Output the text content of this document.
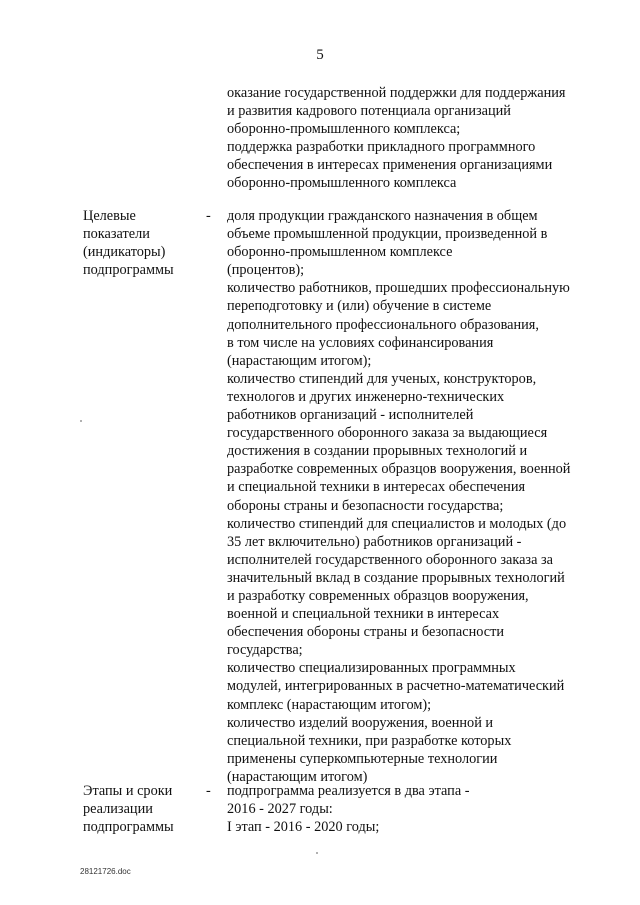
5
оказание государственной поддержки для поддержания
и развития кадрового потенциала организаций
оборонно-промышленного комплекса;
поддержка разработки прикладного программного
обеспечения в интересах применения организациями
оборонно-промышленного комплекса
Целевые
показатели
(индикаторы)
подпрограммы
- доля продукции гражданского назначения в общем
объеме промышленной продукции, произведенной в
оборонно-промышленном комплексе
(процентов);
количество работников, прошедших профессиональную
переподготовку и (или) обучение в системе
дополнительного профессионального образования,
в том числе на условиях софинансирования
(нарастающим итогом);
количество стипендий для ученых, конструкторов,
технологов и других инженерно-технических
работников организаций - исполнителей
государственного оборонного заказа за выдающиеся
достижения в создании прорывных технологий и
разработке современных образцов вооружения, военной
и специальной техники в интересах обеспечения
обороны страны и безопасности государства;
количество стипендий для специалистов и молодых (до
35 лет включительно) работников организаций -
исполнителей государственного оборонного заказа за
значительный вклад в создание прорывных технологий
и разработку современных образцов вооружения,
военной и специальной техники в интересах
обеспечения обороны страны и безопасности
государства;
количество специализированных программных
модулей, интегрированных в расчетно-математический
комплекс (нарастающим итогом);
количество изделий вооружения, военной и
специальной техники, при разработке которых
применены суперкомпьютерные технологии
(нарастающим итогом)
Этапы и сроки
реализации
подпрограммы
- подпрограмма реализуется в два этапа -
2016 - 2027 годы:
I этап - 2016 - 2020 годы;
28121726.doc
